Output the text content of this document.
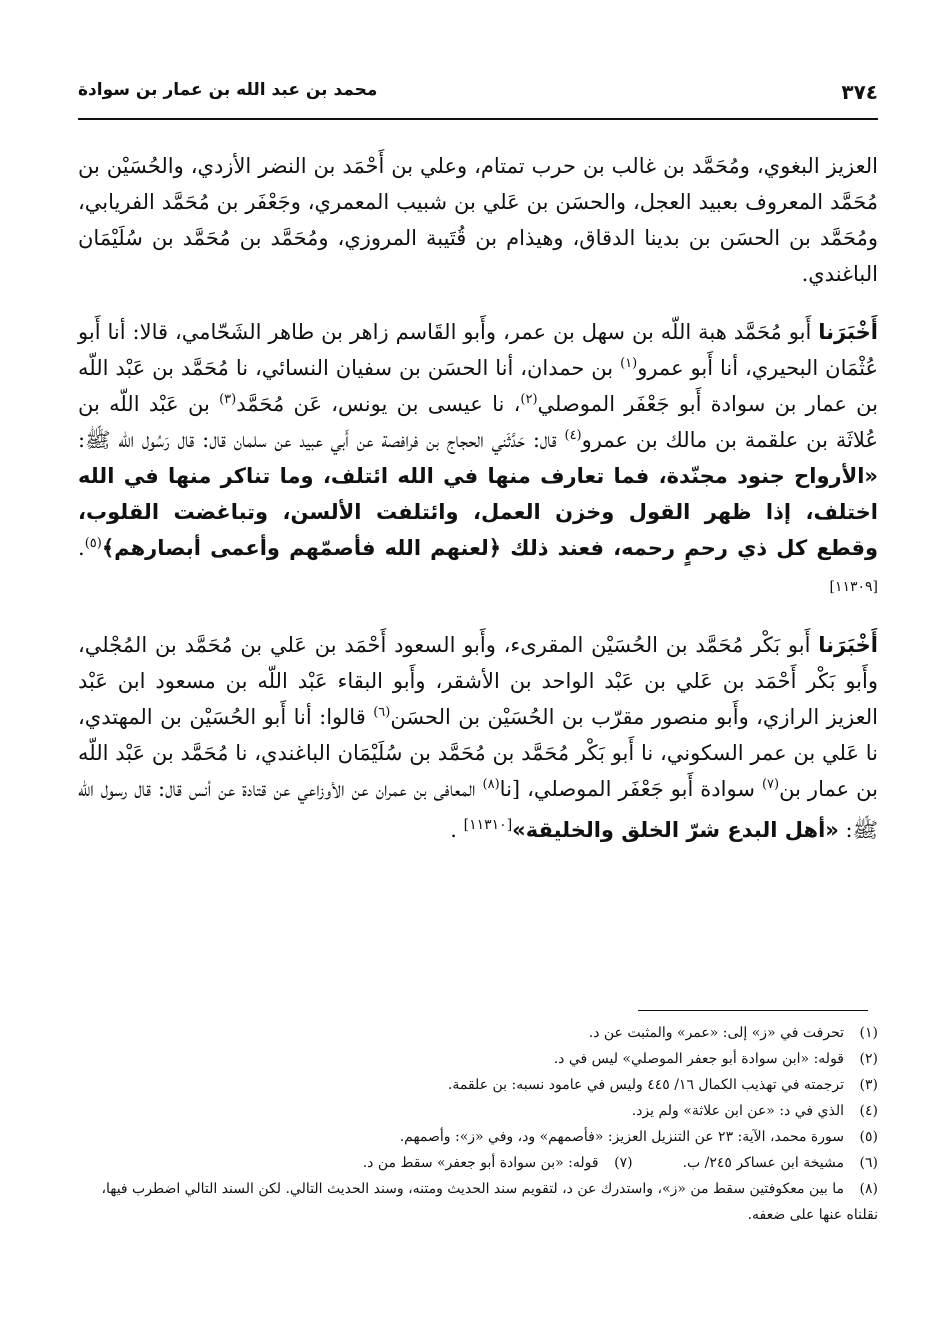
٣٧٤
محمد بن عبد الله بن عمار بن سوادة

العزيز البغوي، ومُحَمَّد بن غالب بن حرب تمتام، وعلي بن أَحْمَد بن النضر الأزدي، والحُسَيْن بن مُحَمَّد المعروف بعبيد العجل، والحسَن بن عَلي بن شبيب المعمري، وجَعْفَر بن مُحَمَّد الفريابي، ومُحَمَّد بن الحسَن بن بدينا الدقاق، وهيذام بن قُتَيبة المروزي، ومُحَمَّد بن مُحَمَّد بن سُلَيْمَان الباغندي.

أَخْبَرَنا أَبو مُحَمَّد هبة اللّه بن سهل بن عمر، وأَبو القَاسم زاهر بن طاهر الشَحّامي، قالا: أنا أَبو عُثْمَان البحيري، أنا أَبو عمرو$^{(١)}$ بن حمدان، أنا الحسَن بن سفيان النسائي، نا مُحَمَّد بن عَبْد اللّه بن عمار بن سوادة أَبو جَعْفَر الموصلي$^{(٢)}$، نا عيسى بن يونس، عَن مُحَمَّد$^{(٣)}$ بن عَبْد اللّه بن عُلاثَة بن علقمة بن مالك بن عمرو$^{(٤)}$ قال: حَدَّثَني الحجاج بن فرافصة عن أَبي عبيد عن سلمان قال: قال رَسُول الله ﷺ: «الأرواح جنود مجنّدة، فما تعارف منها في الله ائتلف، وما تناكر منها في الله اختلف، إذا ظهر القول وخزن العمل، وائتلفت الألسن، وتباغضت القلوب، وقطع كل ذي رحمٍ رحمه، فعند ذلك ﴿لعنهم الله فأصمّهم وأعمى أبصارهم﴾$^{(٥)}$. [١١٣٠٩]

أَخْبَرَنا أَبو بَكْر مُحَمَّد بن الحُسَيْن المقرىء، وأَبو السعود أَحْمَد بن عَلي بن مُحَمَّد بن المُجْلي، وأَبو بَكْر أَحْمَد بن عَلي بن عَبْد الواحد بن الأشقر، وأَبو البقاء عَبْد اللّه بن مسعود ابن عَبْد العزيز الرازي، وأَبو منصور مقرّب بن الحُسَيْن بن الحسَن$^{(٦)}$ قالوا: أنا أَبو الحُسَيْن بن المهتدي، نا عَلي بن عمر السكوني، نا أَبو بَكْر مُحَمَّد بن مُحَمَّد بن سُلَيْمَان الباغندي، نا مُحَمَّد بن عَبْد اللّه بن عمار بن$^{(٧)}$ سوادة أَبو جَعْفَر الموصلي، [نا$^{(٨)}$ المعافى بن عمران عن الأوزاعي عن قتادة عن أنس قال: قال رسول الله ﷺ: «أهل البدع شرّ الخلق والخليقة»[١١٣١٠] .

(١)تحرفت في «ز» إلى: «عمر» والمثبت عن د.

(٢)قوله: «ابن سوادة أبو جعفر الموصلي» ليس في د.

(٣)ترجمته في تهذيب الكمال ١٦/ ٤٤٥ وليس في عامود نسبه: بن علقمة.

(٤)الذي في د: «عن ابن علاثة» ولم يزد.

(٥)سورة محمد، الآية: ٢٣ عن التنزيل العزيز: «فأصمهم» ود، وفي «ز»: وأصمهم.

(٦)مشيخة ابن عساكر ٢٤٥/ ب.(٧)قوله: «بن سوادة أبو جعفر» سقط من د.

(٨)ما بين معكوفتين سقط من «ز»، واستدرك عن د، لتقويم سند الحديث ومتنه، وسند الحديث التالي. لكن السند التالي اضطرب فيها، نقلناه عنها على ضعفه.
